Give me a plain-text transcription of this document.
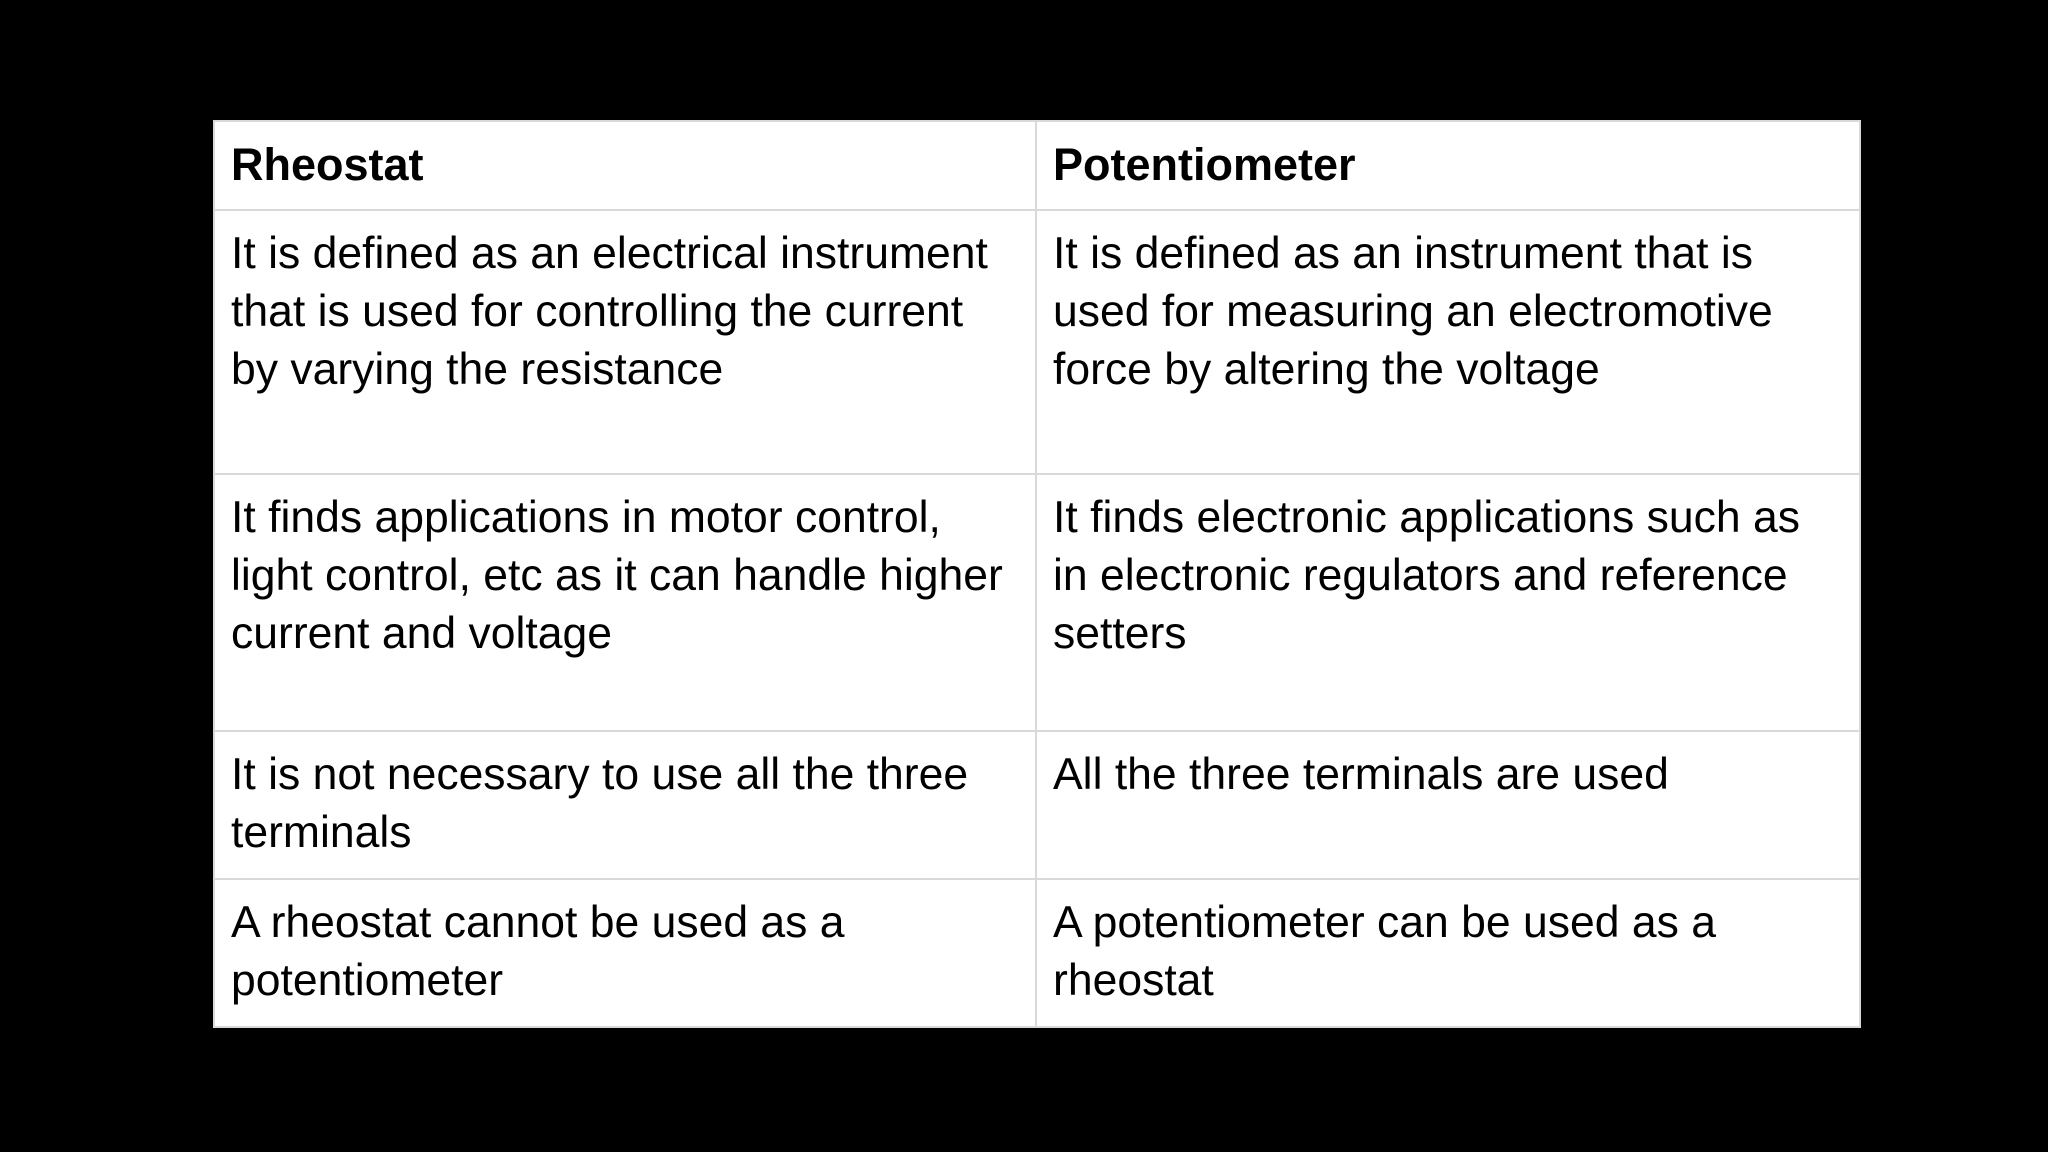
Rheostat	Potentiometer
It is defined as an electrical instrument that is used for controlling the current by varying the resistance	It is defined as an instrument that is used for measuring an electromotive force by altering the voltage
It finds applications in motor control, light control, etc as it can handle higher current and voltage	It finds electronic applications such as in electronic regulators and reference setters
It is not necessary to use all the three terminals	All the three terminals are used
A rheostat cannot be used as a potentiometer	A potentiometer can be used as a rheostat
